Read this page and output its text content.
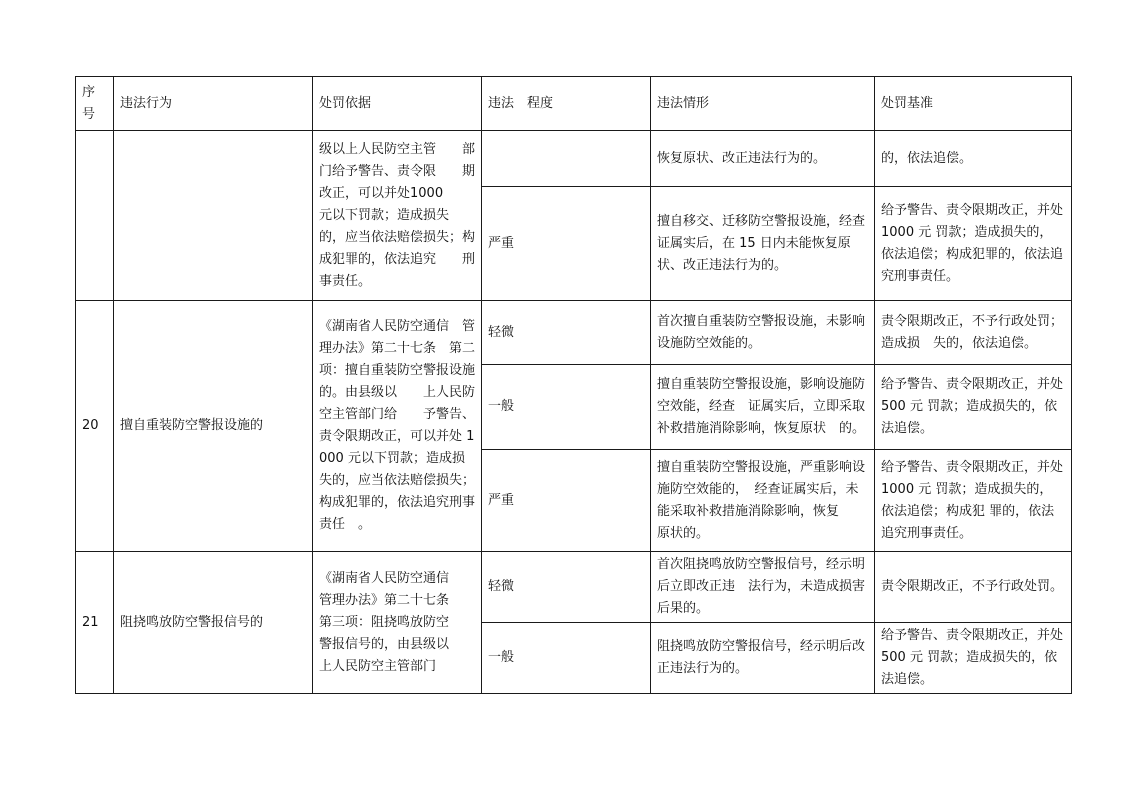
序号	违法行为	处罚依据	违法　程度	违法情形	处罚基准
		级以上人民防空主管　　部门给予警告、责令限　　期改正，可以并处1000　　元以下罚款；造成损失　　的，应当依法赔偿损失；构成犯罪的，依法追究　　刑事责任。		恢复原状、改正违法行为的。	的，依法追偿。
			严重	擅自移交、迁移防空警报设施，经查证属实后，在 15 日内未能恢复原状、改正违法行为的。	给予警告、责令限期改正，并处 1000 元 罚款；造成损失的，依法追偿；构成犯罪的，依法追究刑事责任。
20	擅自重装防空警报设施的	《湖南省人民防空通信　管理办法》第二十七条　第二项：擅自重装防空警报设施的。由县级以　　上人民防空主管部门给　　予警告、责令限期改正，可以并处 1000 元以下罚款；造成损失的，应当依法赔偿损失；构成犯罪的，依法追究刑事责任　。	轻微	首次擅自重装防空警报设施，未影响设施防空效能的。	责令限期改正，不予行政处罚；造成损　失的，依法追偿。
			一般	擅自重装防空警报设施，影响设施防空效能，经查　证属实后，立即采取补救措施消除影响，恢复原状　的。	给予警告、责令限期改正，并处 500 元 罚款；造成损失的，依法追偿。
			严重	擅自重装防空警报设施，严重影响设施防空效能的，　经查证属实后，未能采取补救措施消除影响，恢复　　原状的。	给予警告、责令限期改正，并处 1000 元 罚款；造成损失的，依法追偿；构成犯 罪的，依法追究刑事责任。
21	阻挠鸣放防空警报信号的	《湖南省人民防空通信　　管理办法》第二十七条　　第三项：阻挠鸣放防空　　警报信号的，由县级以　　上人民防空主管部门	轻微	首次阻挠鸣放防空警报信号，经示明后立即改正违　法行为，未造成损害后果的。	责令限期改正，不予行政处罚。
			一般	阻挠鸣放防空警报信号，经示明后改正违法行为的。	给予警告、责令限期改正，并处 500 元 罚款；造成损失的，依法追偿。
